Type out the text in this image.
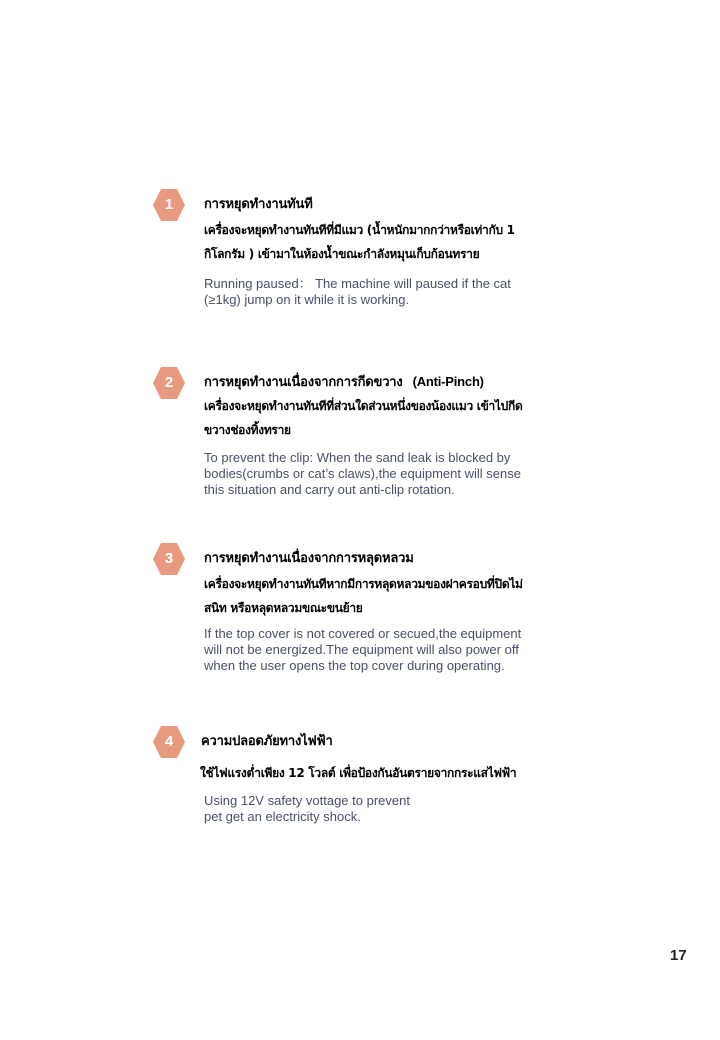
1	การหยุดทำงานทันที
เครื่องจะหยุดทำงานทันทีที่มีแมว (น้ำหนักมากกว่าหรือเท่ากับ 1
กิโลกรัม ) เข้ามาในห้องน้ำขณะกำลังหมุนเก็บก้อนทราย
Running paused： The machine will paused if the cat
(≥1kg) jump on it while it is working.
2	การหยุดทำงานเนื่องจากการกีดขวาง (Anti-Pinch)
เครื่องจะหยุดทำงานทันทีที่ส่วนใดส่วนหนึ่งของน้องแมว เข้าไปกีด
ขวางช่องทิ้งทราย
To prevent the clip: When the sand leak is blocked by
bodies(crumbs or cat’s claws),the equipment will sense
this situation and carry out anti-clip rotation.
3	การหยุดทำงานเนื่องจากการหลุดหลวม
เครื่องจะหยุดทำงานทันทีหากมีการหลุดหลวมของฝาครอบที่ปิดไม่
สนิท หรือหลุดหลวมขณะขนย้าย
If the top cover is not covered or secued,the equipment
will not be energized.The equipment will also power off
when the user opens the top cover during operating.
4	ความปลอดภัยทางไฟฟ้า
ใช้ไฟแรงต่ำเพียง 12 โวลต์ เพื่อป้องกันอันตรายจากกระแสไฟฟ้า
Using 12V safety vottage to prevent
pet get an electricity shock.
17
